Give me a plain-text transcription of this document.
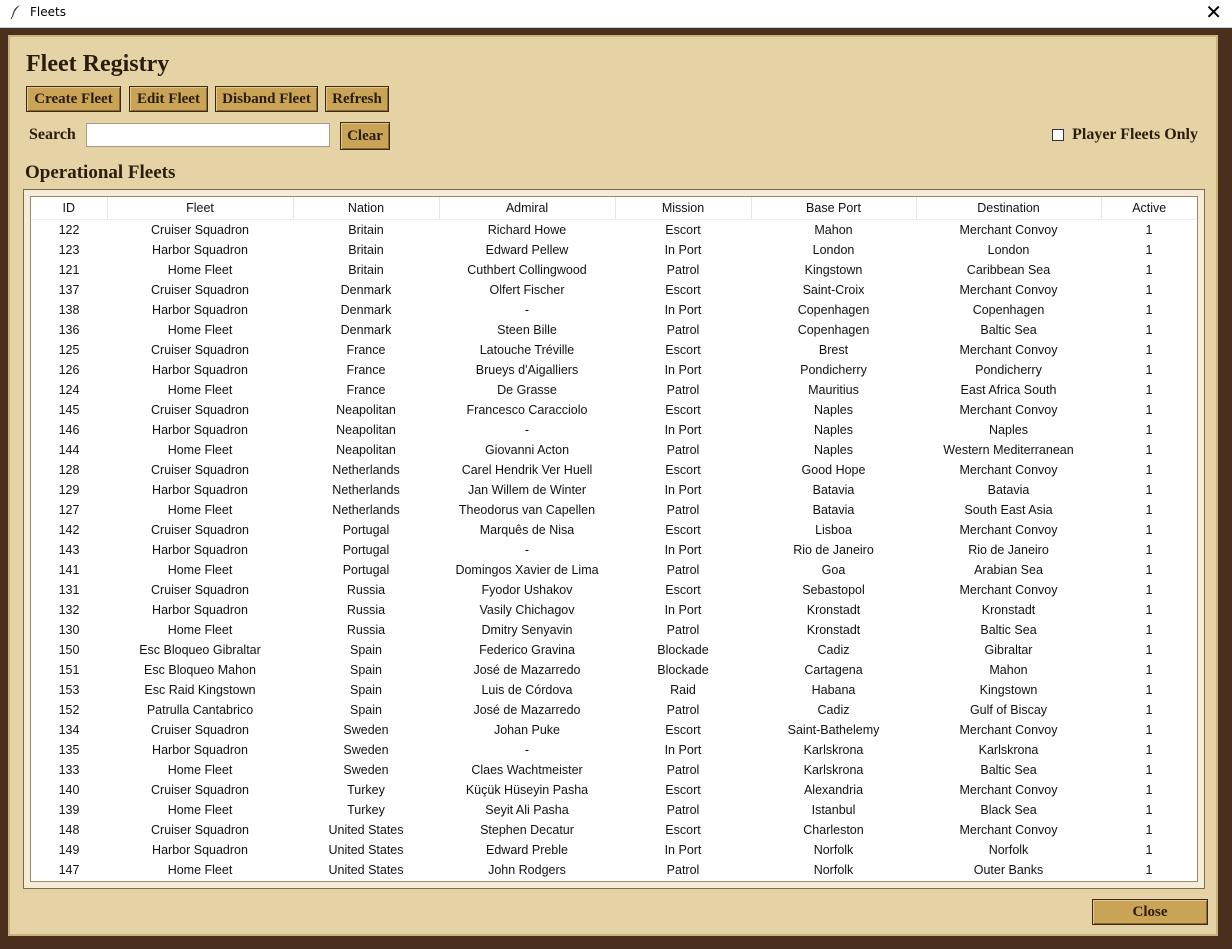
Fleets	✕
Fleet Registry
Create Fleet	Edit Fleet	Disband Fleet	Refresh
Search	Clear	Player Fleets Only
Operational Fleets
ID	Fleet	Nation	Admiral	Mission	Base Port	Destination	Active
122	Cruiser Squadron	Britain	Richard Howe	Escort	Mahon	Merchant Convoy	1
123	Harbor Squadron	Britain	Edward Pellew	In Port	London	London	1
121	Home Fleet	Britain	Cuthbert Collingwood	Patrol	Kingstown	Caribbean Sea	1
137	Cruiser Squadron	Denmark	Olfert Fischer	Escort	Saint-Croix	Merchant Convoy	1
138	Harbor Squadron	Denmark	-	In Port	Copenhagen	Copenhagen	1
136	Home Fleet	Denmark	Steen Bille	Patrol	Copenhagen	Baltic Sea	1
125	Cruiser Squadron	France	Latouche Tréville	Escort	Brest	Merchant Convoy	1
126	Harbor Squadron	France	Brueys d'Aigalliers	In Port	Pondicherry	Pondicherry	1
124	Home Fleet	France	De Grasse	Patrol	Mauritius	East Africa South	1
145	Cruiser Squadron	Neapolitan	Francesco Caracciolo	Escort	Naples	Merchant Convoy	1
146	Harbor Squadron	Neapolitan	-	In Port	Naples	Naples	1
144	Home Fleet	Neapolitan	Giovanni Acton	Patrol	Naples	Western Mediterranean	1
128	Cruiser Squadron	Netherlands	Carel Hendrik Ver Huell	Escort	Good Hope	Merchant Convoy	1
129	Harbor Squadron	Netherlands	Jan Willem de Winter	In Port	Batavia	Batavia	1
127	Home Fleet	Netherlands	Theodorus van Capellen	Patrol	Batavia	South East Asia	1
142	Cruiser Squadron	Portugal	Marquês de Nisa	Escort	Lisboa	Merchant Convoy	1
143	Harbor Squadron	Portugal	-	In Port	Rio de Janeiro	Rio de Janeiro	1
141	Home Fleet	Portugal	Domingos Xavier de Lima	Patrol	Goa	Arabian Sea	1
131	Cruiser Squadron	Russia	Fyodor Ushakov	Escort	Sebastopol	Merchant Convoy	1
132	Harbor Squadron	Russia	Vasily Chichagov	In Port	Kronstadt	Kronstadt	1
130	Home Fleet	Russia	Dmitry Senyavin	Patrol	Kronstadt	Baltic Sea	1
150	Esc Bloqueo Gibraltar	Spain	Federico Gravina	Blockade	Cadiz	Gibraltar	1
151	Esc Bloqueo Mahon	Spain	José de Mazarredo	Blockade	Cartagena	Mahon	1
153	Esc Raid Kingstown	Spain	Luis de Córdova	Raid	Habana	Kingstown	1
152	Patrulla Cantabrico	Spain	José de Mazarredo	Patrol	Cadiz	Gulf of Biscay	1
134	Cruiser Squadron	Sweden	Johan Puke	Escort	Saint-Bathelemy	Merchant Convoy	1
135	Harbor Squadron	Sweden	-	In Port	Karlskrona	Karlskrona	1
133	Home Fleet	Sweden	Claes Wachtmeister	Patrol	Karlskrona	Baltic Sea	1
140	Cruiser Squadron	Turkey	Küçük Hüseyin Pasha	Escort	Alexandria	Merchant Convoy	1
139	Home Fleet	Turkey	Seyit Ali Pasha	Patrol	Istanbul	Black Sea	1
148	Cruiser Squadron	United States	Stephen Decatur	Escort	Charleston	Merchant Convoy	1
149	Harbor Squadron	United States	Edward Preble	In Port	Norfolk	Norfolk	1
147	Home Fleet	United States	John Rodgers	Patrol	Norfolk	Outer Banks	1
Close
